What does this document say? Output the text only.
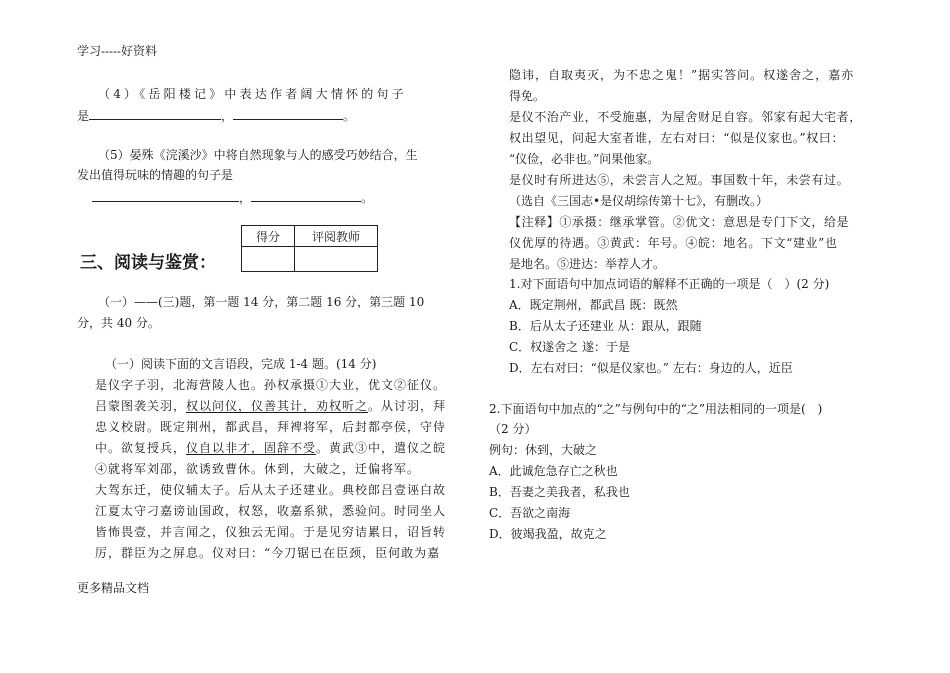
学习-----好资料
更多精品文档
（4）《岳阳楼记》中表达作者阔大情怀的句子
是	，	。
（5）晏殊《浣溪沙》中将自然现象与人的感受巧妙结合，生
发出值得玩味的情趣的句子是
，	。
三、阅读与鉴赏：
得分	评阅教师

（一）——(三)题，第一题 14 分，第二题 16 分，第三题 10
分，共 40 分。
（一）阅读下面的文言语段，完成 1-4 题。(14 分)
是仪字子羽，北海营陵人也。孙权承摄①大业，优文②征仪。
吕蒙图袭关羽，权以问仪，仪善其计，劝权听之。从讨羽，拜
忠义校尉。既定荆州，都武昌，拜裨将军，后封都亭侯，守侍
中。欲复授兵，仪自以非才，固辞不受。黄武③中，遣仪之皖
④就将军刘邵，欲诱致曹休。休到，大破之，迁偏将军。
大驾东迁，使仪辅太子。后从太子还建业。典校郎吕壹诬白故
江夏太守刁嘉谤讪国政，权怒，收嘉系狱，悉验问。时同坐人
皆怖畏壹，并言闻之，仪独云无闻。于是见穷诘累日，诏旨转
厉，群臣为之屏息。仪对曰：“今刀锯已在臣颈，臣何敢为嘉
隐讳，自取夷灭，为不忠之鬼！”据实答问。权遂舍之，嘉亦
得免。
是仪不治产业，不受施惠，为屋舍财足自容。邻家有起大宅者，
权出望见，问起大室者谁，左右对曰：“似是仪家也。”权曰：
“仪俭，必非也。”问果他家。
是仪时有所进达⑤，未尝言人之短。事国数十年，未尝有过。
（选自《三国志•是仪胡综传第十七》，有删改。）
【注释】①承摄：继承掌管。②优文：意思是专门下文，给是
仪优厚的待遇。③黄武：年号。④皖：地名。下文“建业”也
是地名。⑤进达：举荐人才。
1.对下面语句中加点词语的解释不正确的一项是（　）(2 分)
A．既定荆州，都武昌 既：既然
B．后从太子还建业 从：跟从，跟随
C．权遂舍之 遂：于是
D．左右对曰：“似是仪家也。” 左右：身边的人，近臣
2.下面语句中加点的“之”与例句中的“之”用法相同的一项是(　)
（2 分）
例句：休到，大破之
A．此诚危急存亡之秋也
B．吾妻之美我者，私我也
C．吾欲之南海
D．彼竭我盈，故克之
